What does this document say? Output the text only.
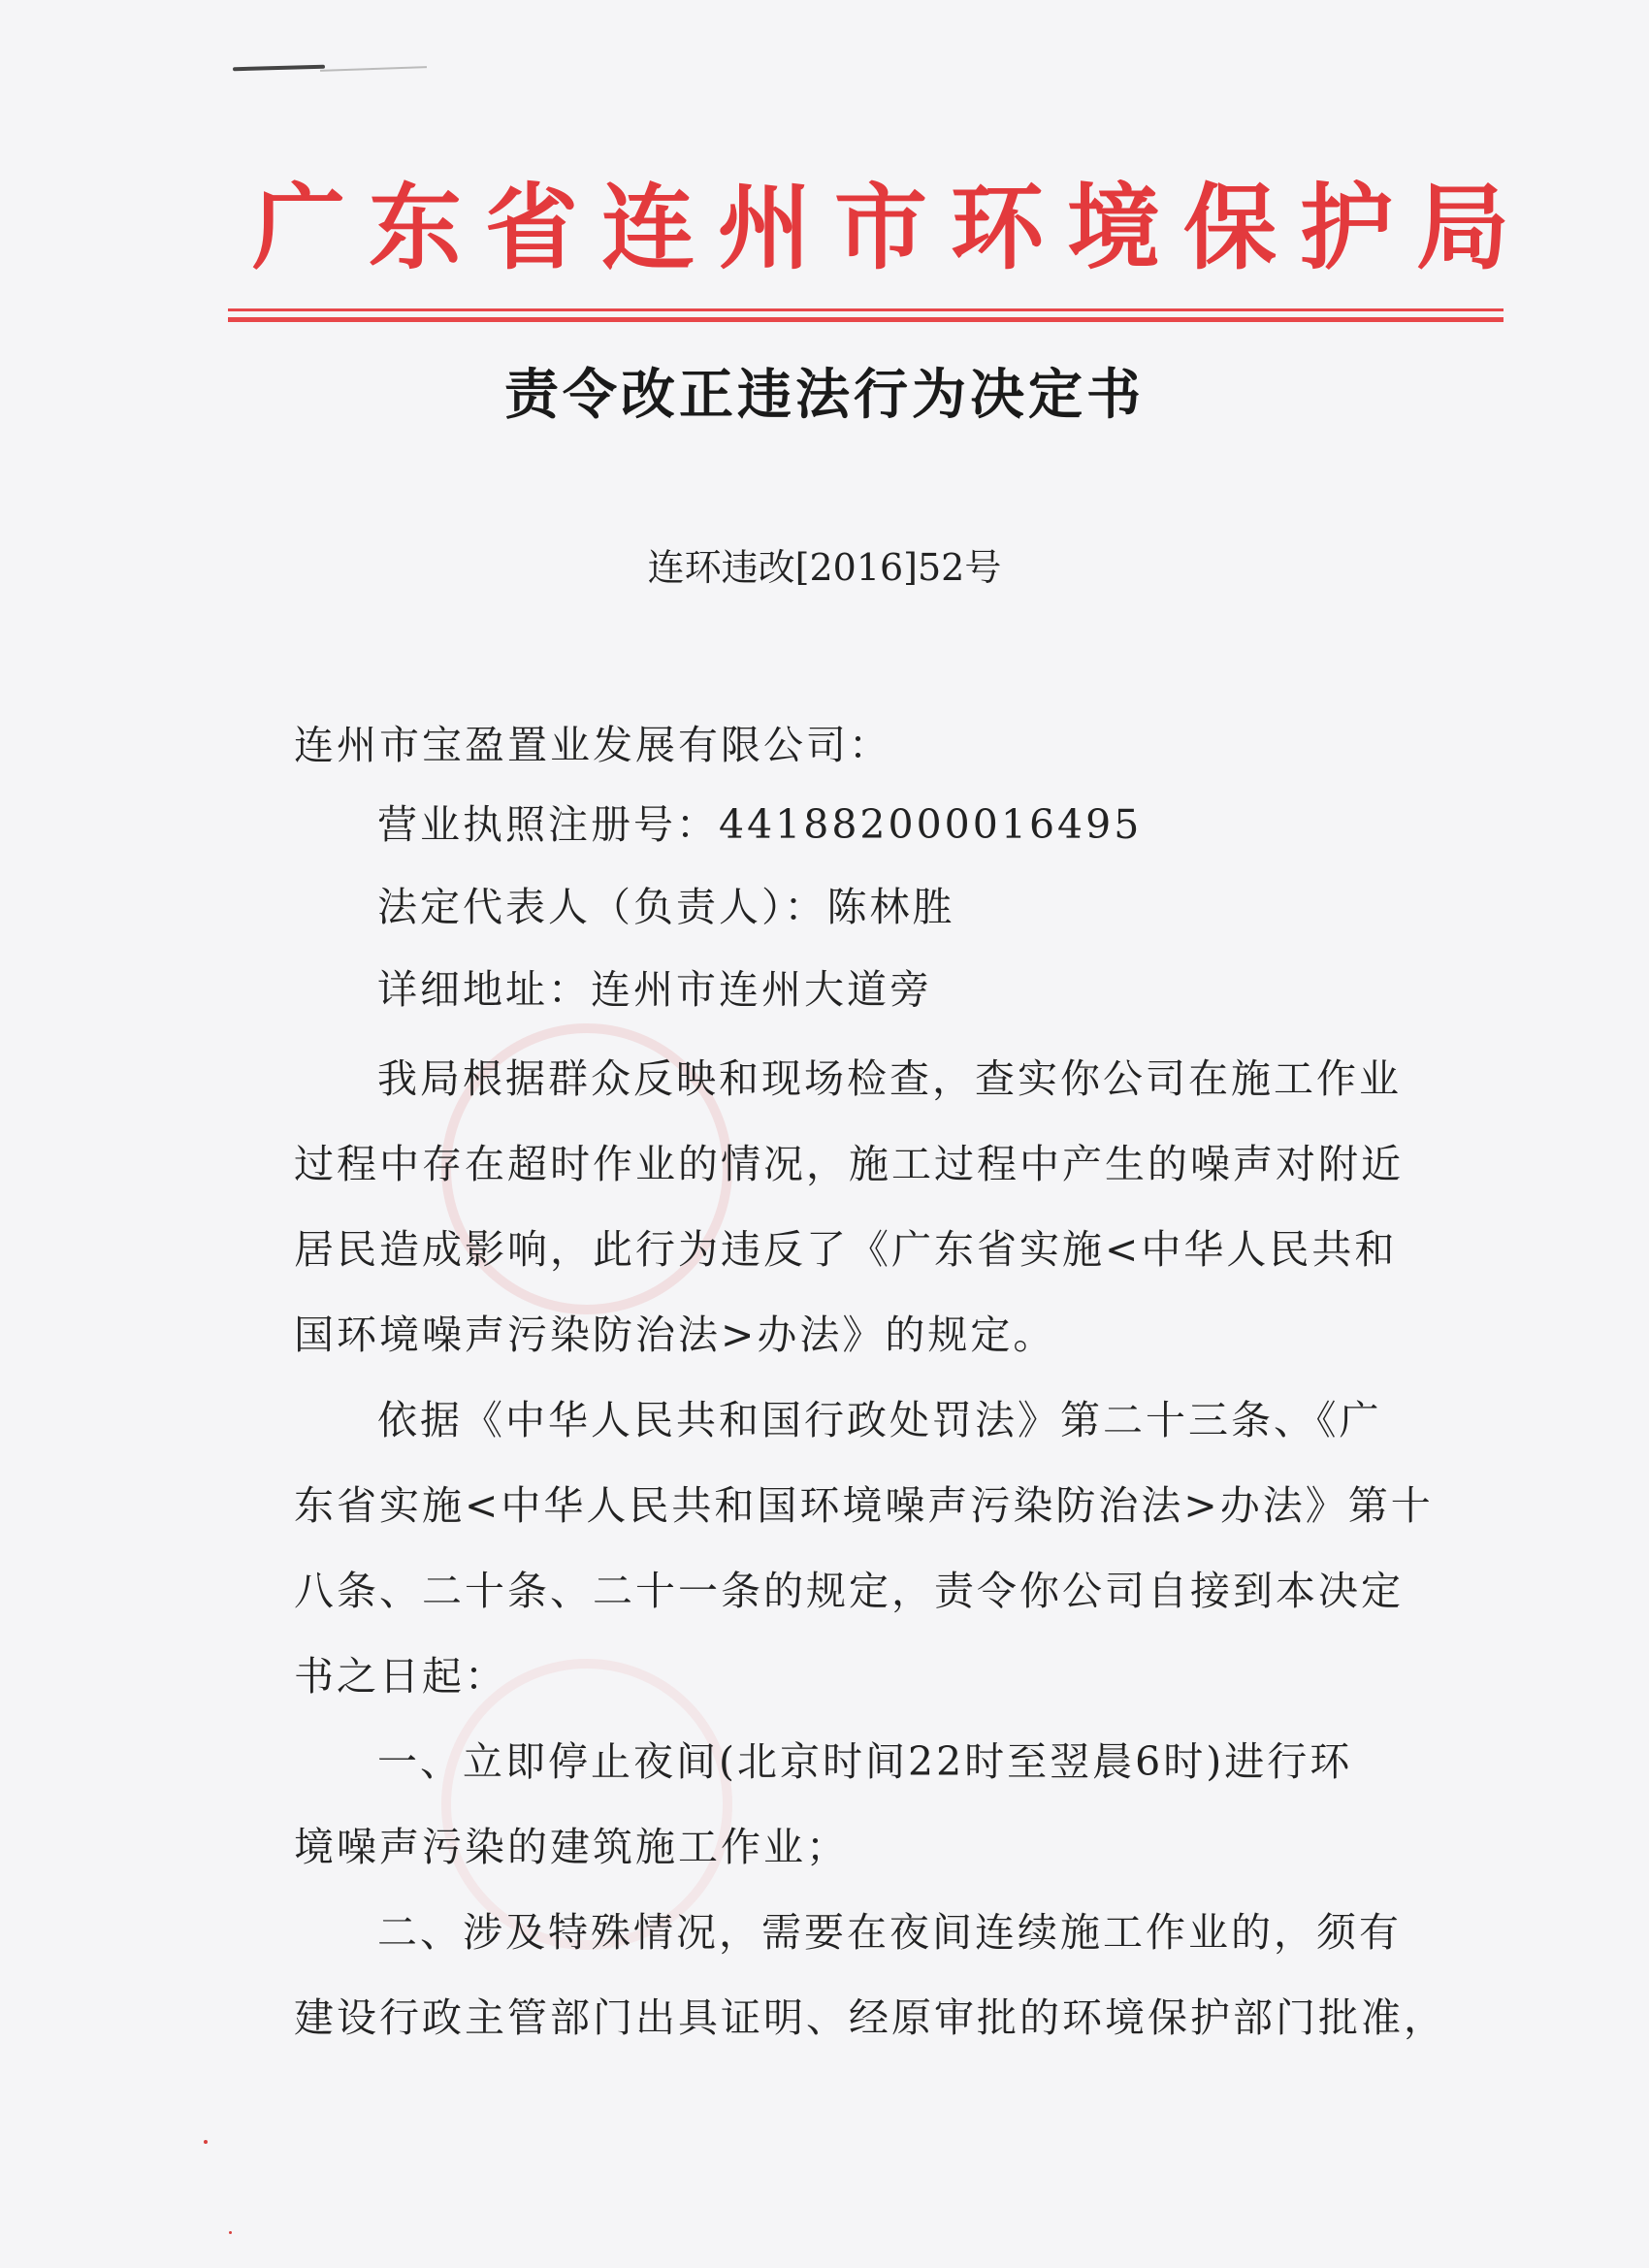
广东省连州市环境保护局
责令改正违法行为决定书
连环违改[2016]52号
连州市宝盈置业发展有限公司：
营业执照注册号：441882000016495
法定代表人（负责人）：陈林胜
详细地址：连州市连州大道旁
我局根据群众反映和现场检查，查实你公司在施工作业
过程中存在超时作业的情况，施工过程中产生的噪声对附近
居民造成影响，此行为违反了《广东省实施<中华人民共和
国环境噪声污染防治法>办法》的规定。
依据《中华人民共和国行政处罚法》第二十三条、《广
东省实施<中华人民共和国环境噪声污染防治法>办法》第十
八条、二十条、二十一条的规定，责令你公司自接到本决定
书之日起：
一、立即停止夜间(北京时间22时至翌晨6时)进行环
境噪声污染的建筑施工作业；
二、涉及特殊情况，需要在夜间连续施工作业的，须有
建设行政主管部门出具证明、经原审批的环境保护部门批准，
